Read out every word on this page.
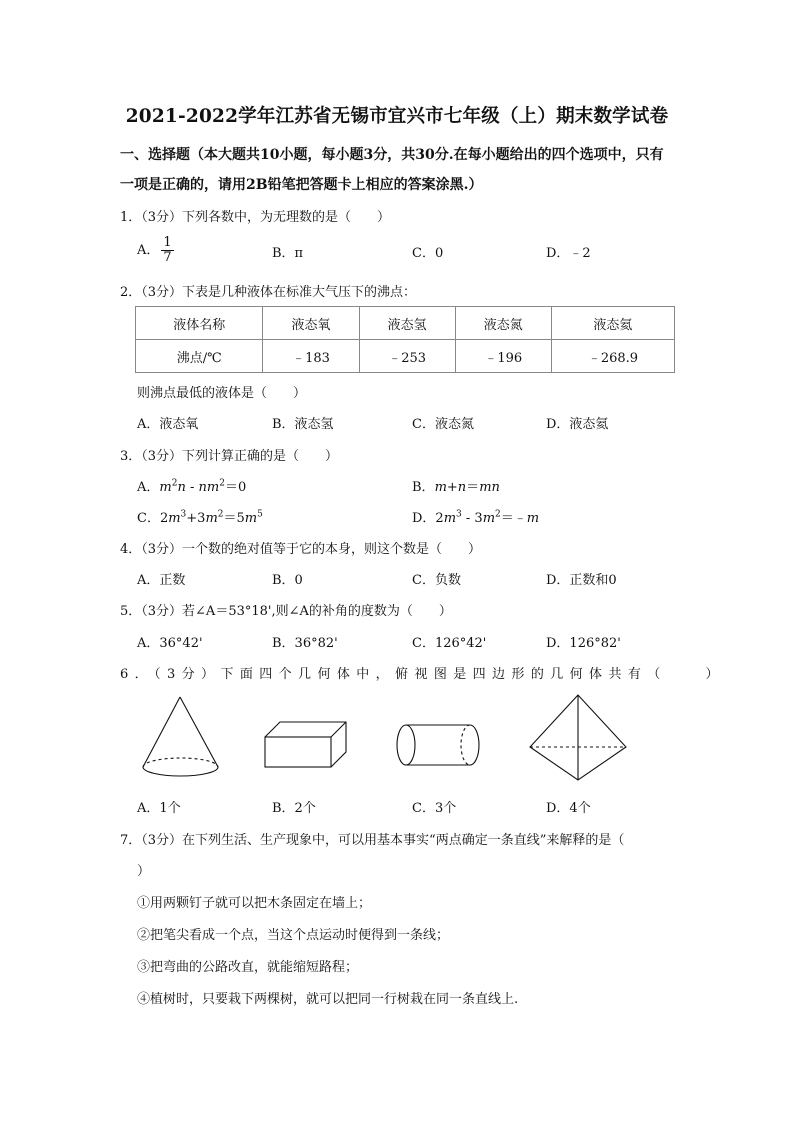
2021-2022学年江苏省无锡市宜兴市七年级（上）期末数学试卷
一、选择题（本大题共10小题，每小题3分，共30分.在每小题给出的四个选项中，只有
一项是正确的，请用2B铅笔把答题卡上相应的答案涂黑.）
1．（3分）下列各数中，为无理数的是（　　）
A． $\frac{1}{7}$	B．π	C．0	D．﹣2
2．（3分）下表是几种液体在标准大气压下的沸点：
液体名称	液态氧	液态氢	液态氮	液态氦
沸点/℃	﹣183	﹣253	﹣196	﹣268.9
则沸点最低的液体是（　　）
A．液态氧	B．液态氢	C．液态氮	D．液态氦
3．（3分）下列计算正确的是（　　）
A．$m^2n - nm^2=0$	B．m+n＝mn
C．$2m^3+3m^2=5m^5$	D．$2m^3$ - $3m^2=﹣m$
4．（3分）一个数的绝对值等于它的本身，则这个数是（　　）
A．正数	B．0	C．负数	D．正数和0
5．（3分）若∠A＝53°18',则∠A的补角的度数为（　　）
A．36°42'	B．36°82'	C．126°42'	D．126°82'
6．（3分）下面四个几何体中，俯视图是四边形的几何体共有（　　）
A．1个	B．2个	C．3个	D．4个
7．（3分）在下列生活、生产现象中，可以用基本事实“两点确定一条直线”来解释的是（
）
①用两颗钉子就可以把木条固定在墙上；
②把笔尖看成一个点，当这个点运动时便得到一条线；
③把弯曲的公路改直，就能缩短路程；
④植树时，只要栽下两棵树，就可以把同一行树栽在同一条直线上.
